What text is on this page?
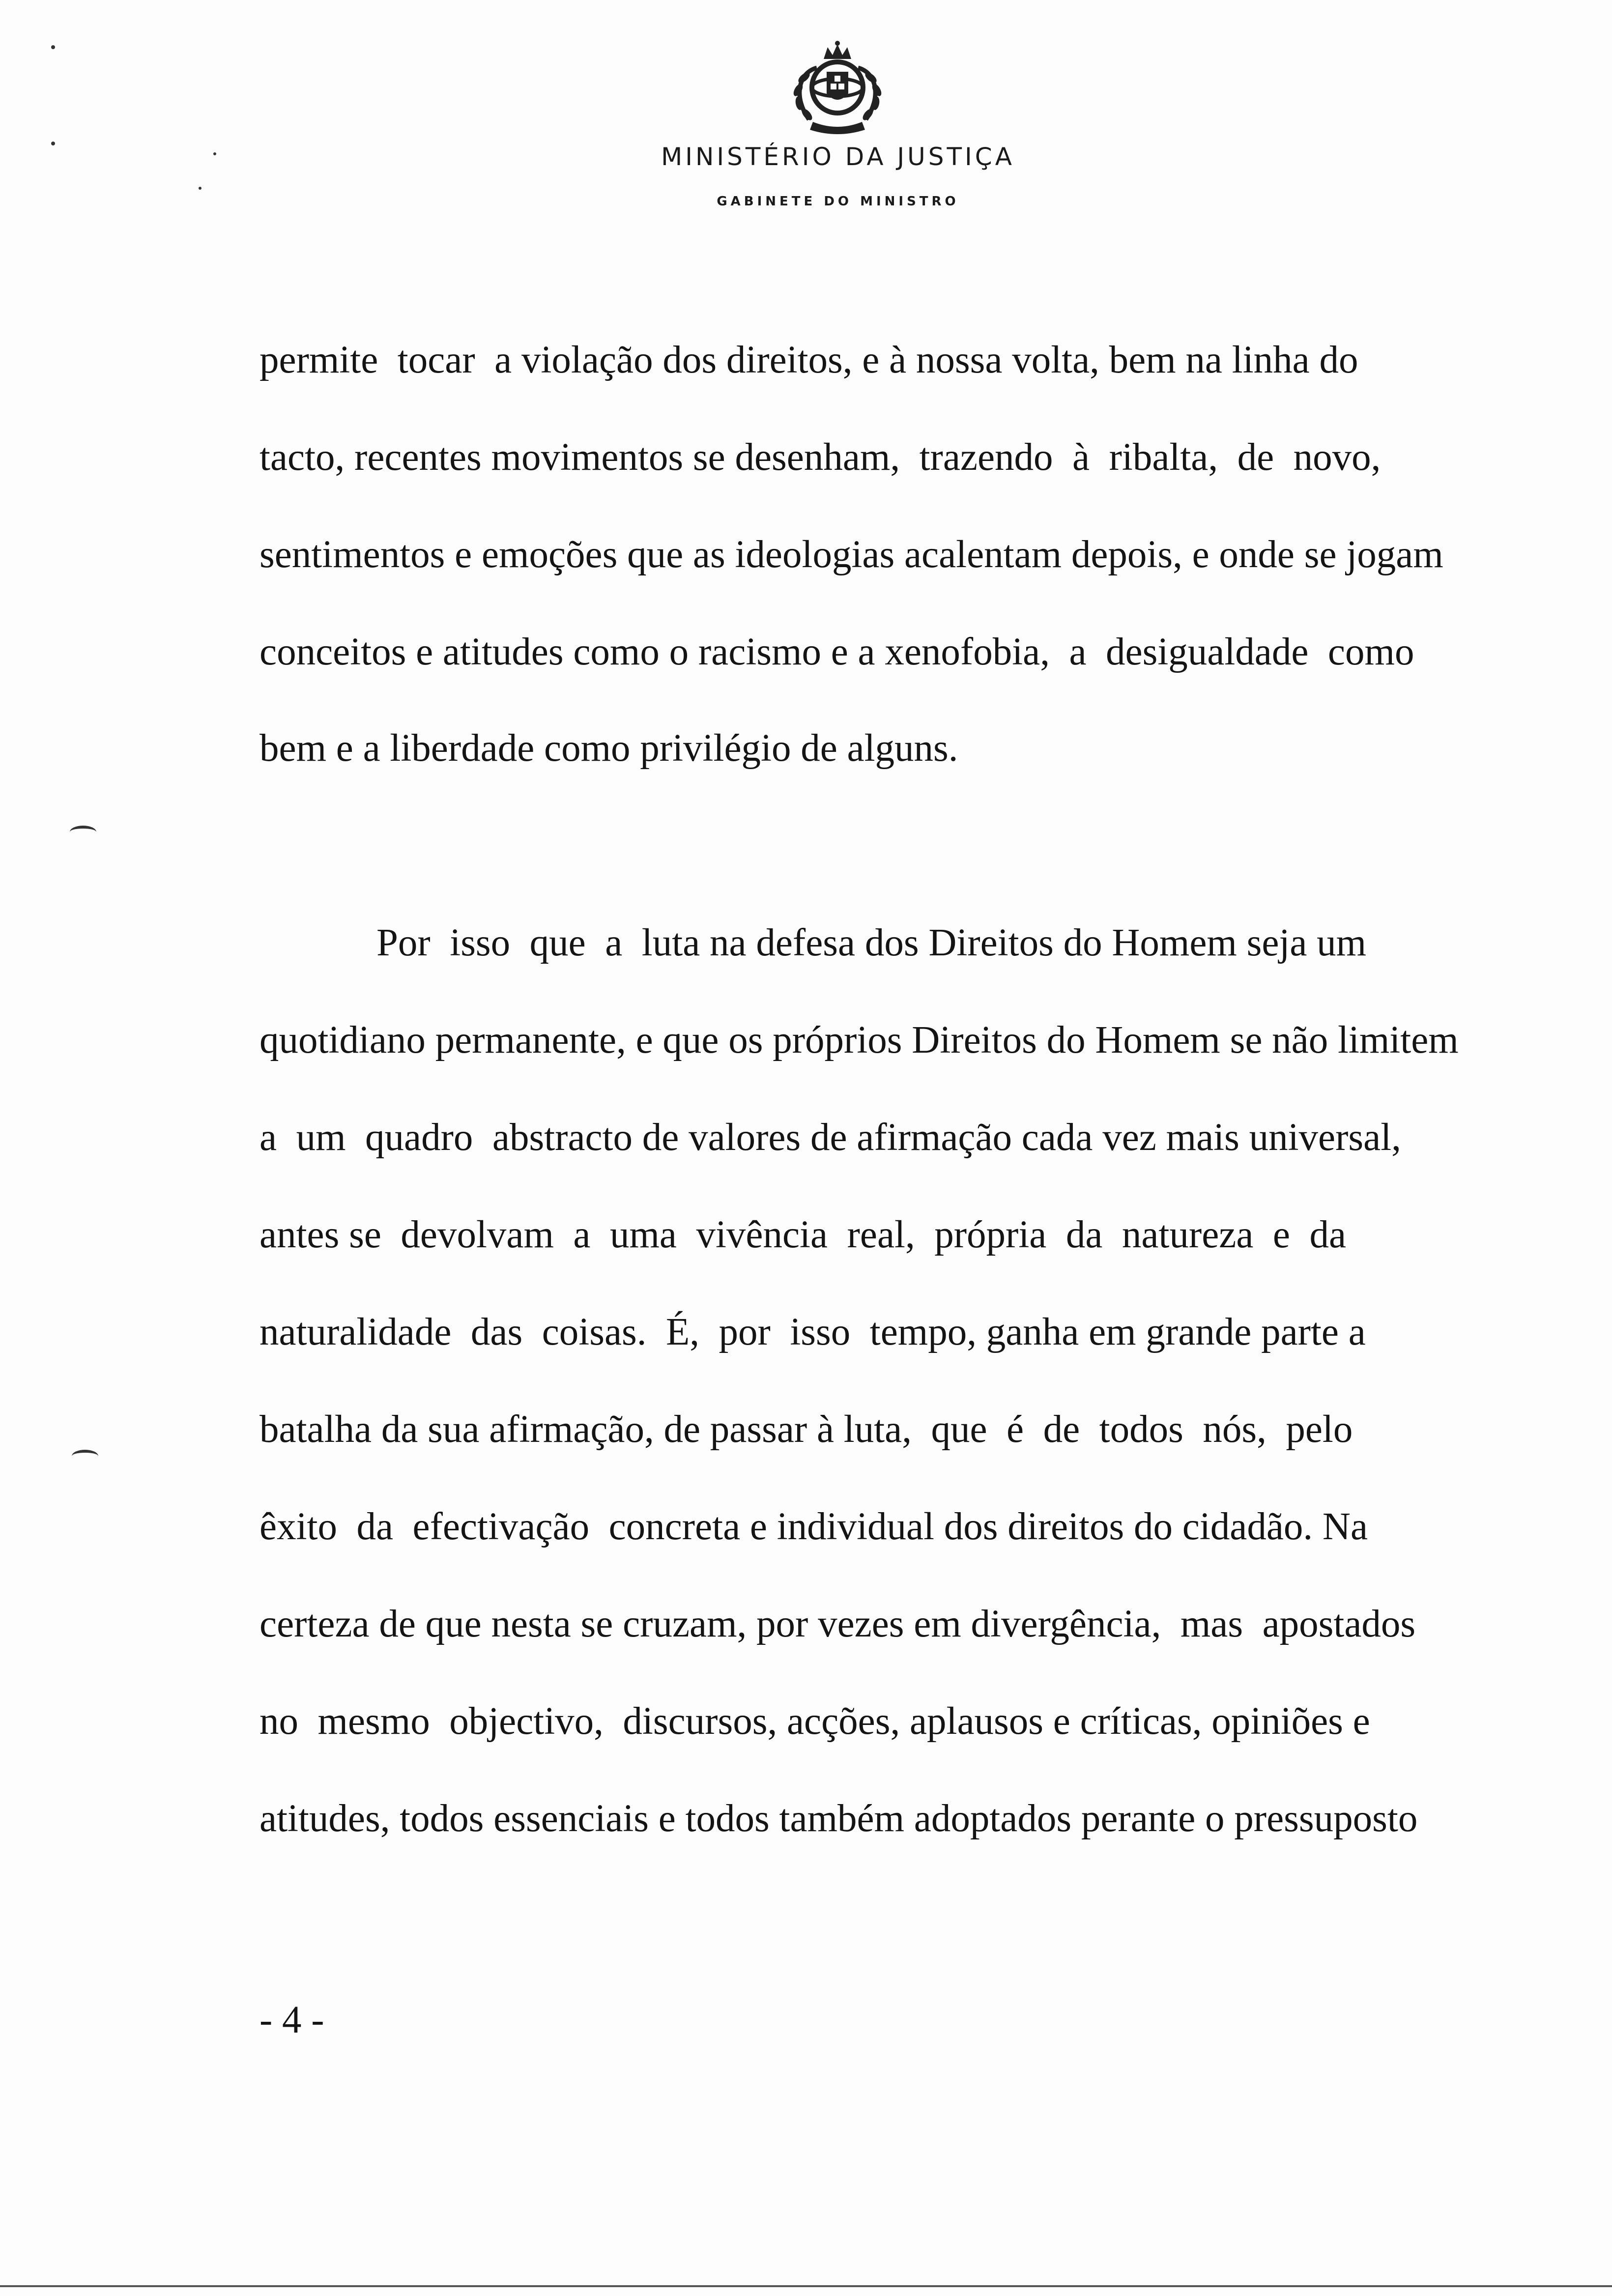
MINISTÉRIO DA JUSTIÇA
GABINETE DO MINISTRO
permite  tocar  a violação dos direitos, e à nossa volta, bem na linha do
tacto, recentes movimentos se desenham,  trazendo  à  ribalta,  de  novo,
sentimentos e emoções que as ideologias acalentam depois, e onde se jogam
conceitos e atitudes como o racismo e a xenofobia,  a  desigualdade  como
bem e a liberdade como privilégio de alguns.
Por  isso  que  a  luta na defesa dos Direitos do Homem seja um
quotidiano permanente, e que os próprios Direitos do Homem se não limitem
a  um  quadro  abstracto de valores de afirmação cada vez mais universal,
antes se  devolvam  a  uma  vivência  real,  própria  da  natureza  e  da
naturalidade  das  coisas.  É,  por  isso  tempo, ganha em grande parte a
batalha da sua afirmação, de passar à luta,  que  é  de  todos  nós,  pelo
êxito  da  efectivação  concreta e individual dos direitos do cidadão. Na
certeza de que nesta se cruzam, por vezes em divergência,  mas  apostados
no  mesmo  objectivo,  discursos, acções, aplausos e críticas, opiniões e
atitudes, todos essenciais e todos também adoptados perante o pressuposto
- 4 -
